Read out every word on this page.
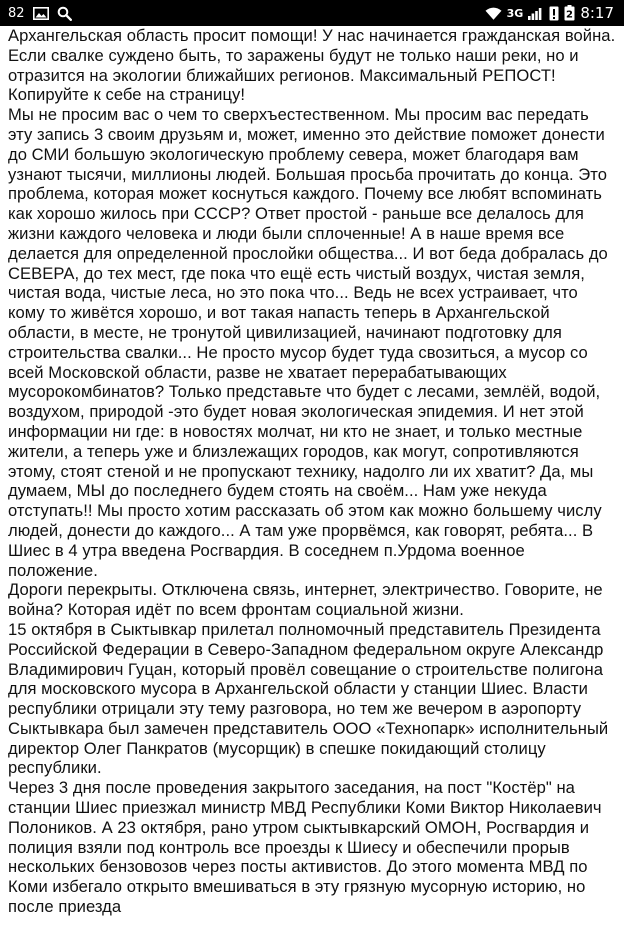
82	3G	2 8:17

Архангельская область просит помощи! У нас начинается гражданская война. Если свалке суждено быть, то заражены будут не только наши реки, но и отразится на экологии ближайших регионов. Максимальный РЕПОСТ! Копируйте к себе на страницу!

Мы не просим вас о чем то сверхъестественном. Мы просим вас передать эту запись 3 своим друзьям и, может, именно это действие поможет донести до СМИ большую экологическую проблему севера, может благодаря вам узнают тысячи, миллионы людей. Большая просьба прочитать до конца. Это проблема, которая может коснуться каждого. Почему все любят вспоминать как хорошо жилось при СССР? Ответ простой - раньше все делалось для жизни каждого человека и люди были сплоченные! А в наше время все делается для определенной прослойки общества... И вот беда добралась до СЕВЕРА, до тех мест, где пока что ещё есть чистый воздух, чистая земля, чистая вода, чистые леса, но это пока что... Ведь не всех устраивает, что кому то живётся хорошо, и вот такая напасть теперь в Архангельской области, в месте, не тронутой цивилизацией, начинают подготовку для строительства свалки... Не просто мусор будет туда свозиться, а мусор со всей Московской области, разве не хватает перерабатывающих мусорокомбинатов? Только представьте что будет с лесами, землёй, водой, воздухом, природой -это будет новая экологическая эпидемия. И нет этой информации ни где: в новостях молчат, ни кто не знает, и только местные жители, а теперь уже и близлежащих городов, как могут, сопротивляются этому, стоят стеной и не пропускают технику, надолго ли их хватит? Да, мы думаем, МЫ до последнего будем стоять на своём... Нам уже некуда отступать!! Мы просто хотим рассказать об этом как можно большему числу людей, донести до каждого... А там уже прорвёмся, как говорят, ребята... В Шиес в 4 утра введена Росгвардия. В соседнем п.Урдома военное положение.

Дороги перекрыты. Отключена связь, интернет, электричество. Говорите, не война? Которая идёт по всем фронтам социальной жизни.

15 октября в Сыктывкар прилетал полномочный представитель Президента Российской Федерации в Северо-Западном федеральном округе Александр Владимирович Гуцан, который провёл совещание о строительстве полигона для московского мусора в Архангельской области у станции Шиес. Власти республики отрицали эту тему разговора, но тем же вечером в аэропорту Сыктывкара был замечен представитель ООО «Технопарк» исполнительный директор Олег Панкратов (мусорщик) в спешке покидающий столицу республики.

Через 3 дня после проведения закрытого заседания, на пост "Костёр" на станции Шиес приезжал министр МВД Республики Коми Виктор Николаевич Полоников. А 23 октября, рано утром сыктывкарский ОМОН, Росгвардия и полиция взяли под контроль все проезды к Шиесу и обеспечили прорыв нескольких бензовозов через посты активистов. До этого момента МВД по Коми избегало открыто вмешиваться в эту грязную мусорную историю, но после приезда
